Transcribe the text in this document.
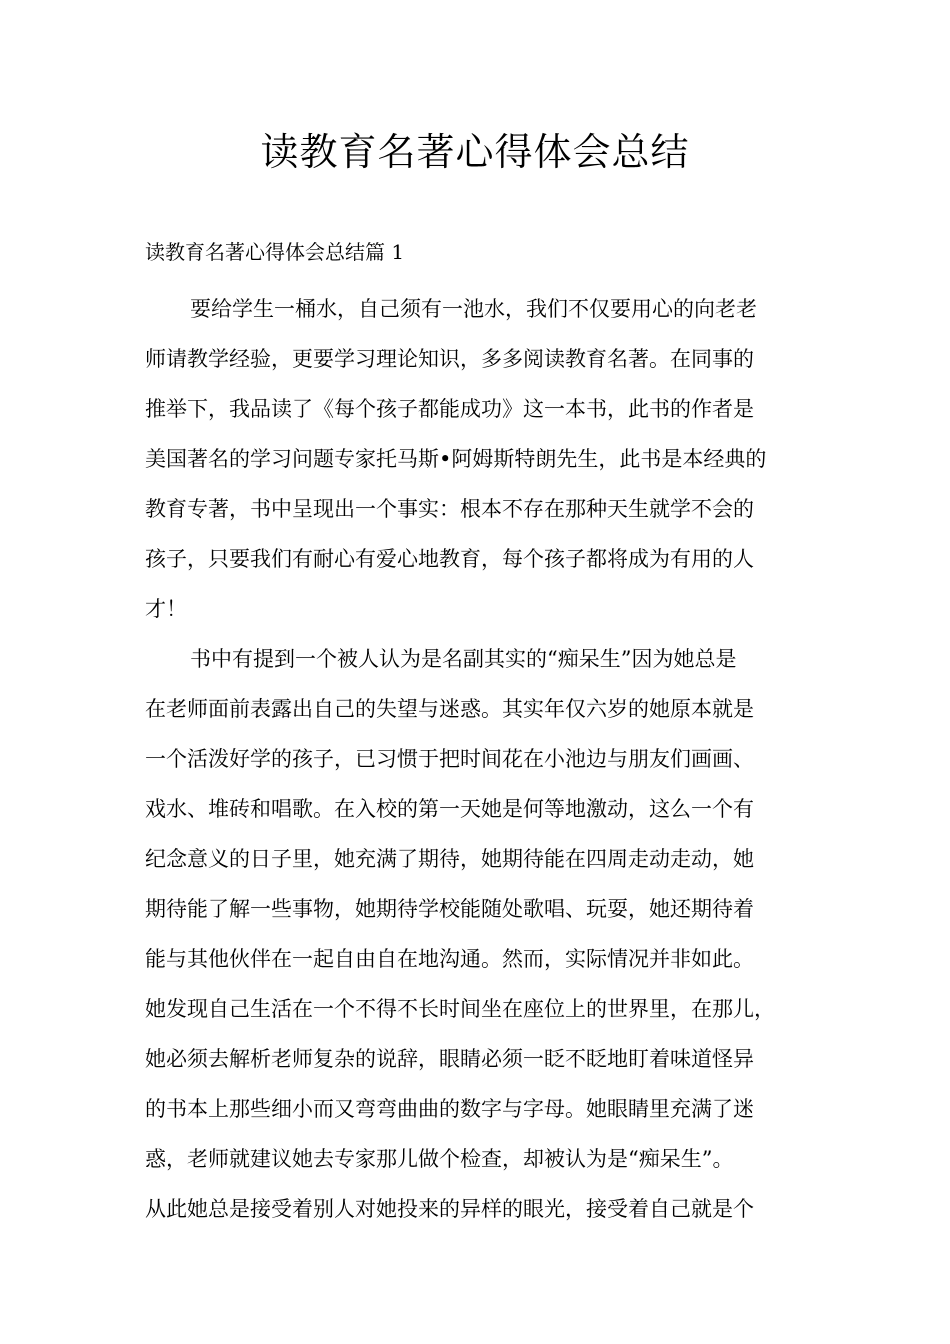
读教育名著心得体会总结
读教育名著心得体会总结篇 1
要给学生一桶水，自己须有一池水，我们不仅要用心的向老老
师请教学经验，更要学习理论知识，多多阅读教育名著。在同事的
推举下，我品读了《每个孩子都能成功》这一本书，此书的作者是
美国著名的学习问题专家托马斯•阿姆斯特朗先生，此书是本经典的
教育专著，书中呈现出一个事实：根本不存在那种天生就学不会的
孩子，只要我们有耐心有爱心地教育，每个孩子都将成为有用的人
才！
书中有提到一个被人认为是名副其实的“痴呆生”因为她总是
在老师面前表露出自己的失望与迷惑。其实年仅六岁的她原本就是
一个活泼好学的孩子，已习惯于把时间花在小池边与朋友们画画、
戏水、堆砖和唱歌。在入校的第一天她是何等地激动，这么一个有
纪念意义的日子里，她充满了期待，她期待能在四周走动走动，她
期待能了解一些事物，她期待学校能随处歌唱、玩耍，她还期待着
能与其他伙伴在一起自由自在地沟通。然而，实际情况并非如此。
她发现自己生活在一个不得不长时间坐在座位上的世界里，在那儿，
她必须去解析老师复杂的说辞，眼睛必须一眨不眨地盯着味道怪异
的书本上那些细小而又弯弯曲曲的数字与字母。她眼睛里充满了迷
惑，老师就建议她去专家那儿做个检查，却被认为是“痴呆生”。
从此她总是接受着别人对她投来的异样的眼光，接受着自己就是个
